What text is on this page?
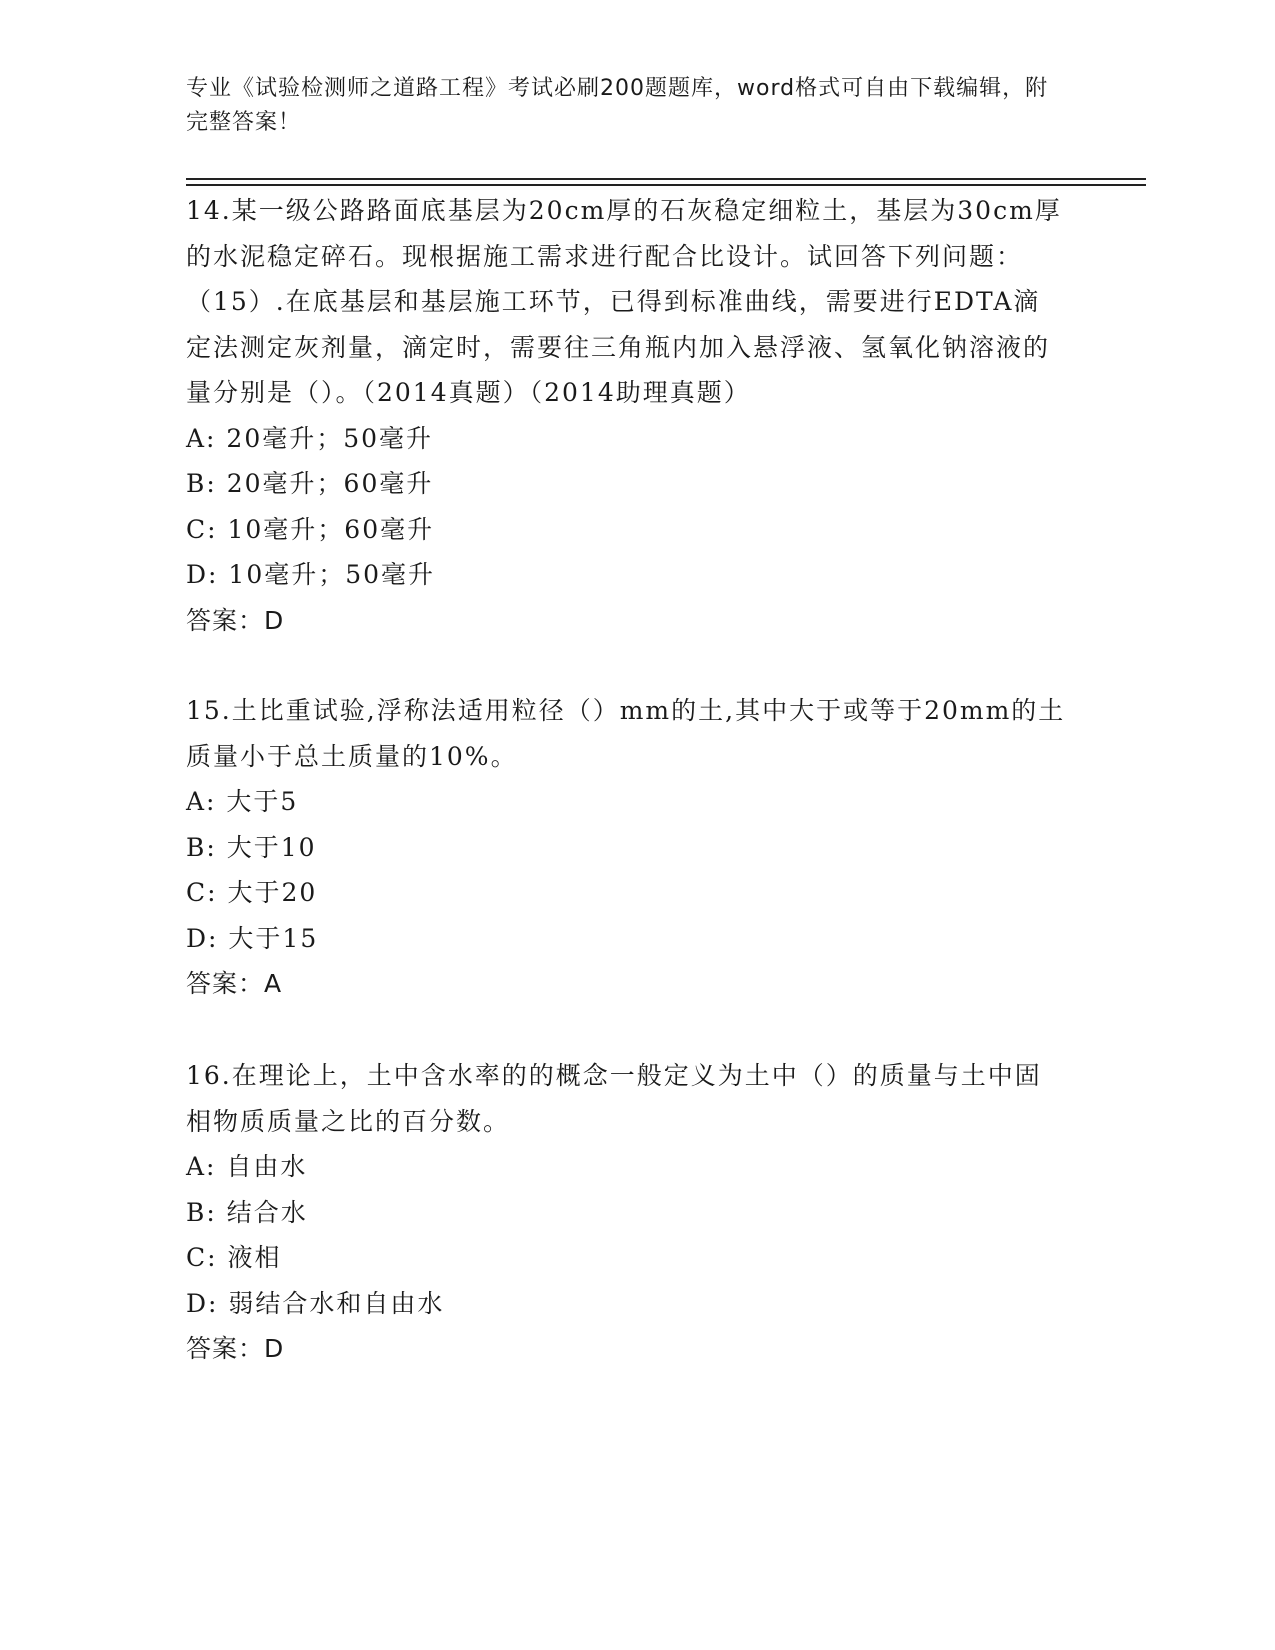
专业《试验检测师之道路工程》考试必刷200题题库，word格式可自由下载编辑，附完整答案！

14.某一级公路路面底基层为20cm厚的石灰稳定细粒土，基层为30cm厚的水泥稳定碎石。现根据施工需求进行配合比设计。试回答下列问题：（15）.在底基层和基层施工环节，已得到标准曲线，需要进行EDTA滴定法测定灰剂量，滴定时，需要往三角瓶内加入悬浮液、氢氧化钠溶液的量分别是（）。（2014真题）（2014助理真题）

A: 20毫升；50毫升

B: 20毫升；60毫升

C: 10毫升；60毫升

D: 10毫升；50毫升

答案：D

15.土比重试验,浮称法适用粒径（）mm的土,其中大于或等于20mm的土质量小于总土质量的10%。

A: 大于5

B: 大于10

C: 大于20

D: 大于15

答案：A

16.在理论上，土中含水率的的概念一般定义为土中（）的质量与土中固相物质质量之比的百分数。

A: 自由水

B: 结合水

C: 液相

D: 弱结合水和自由水

答案：D
